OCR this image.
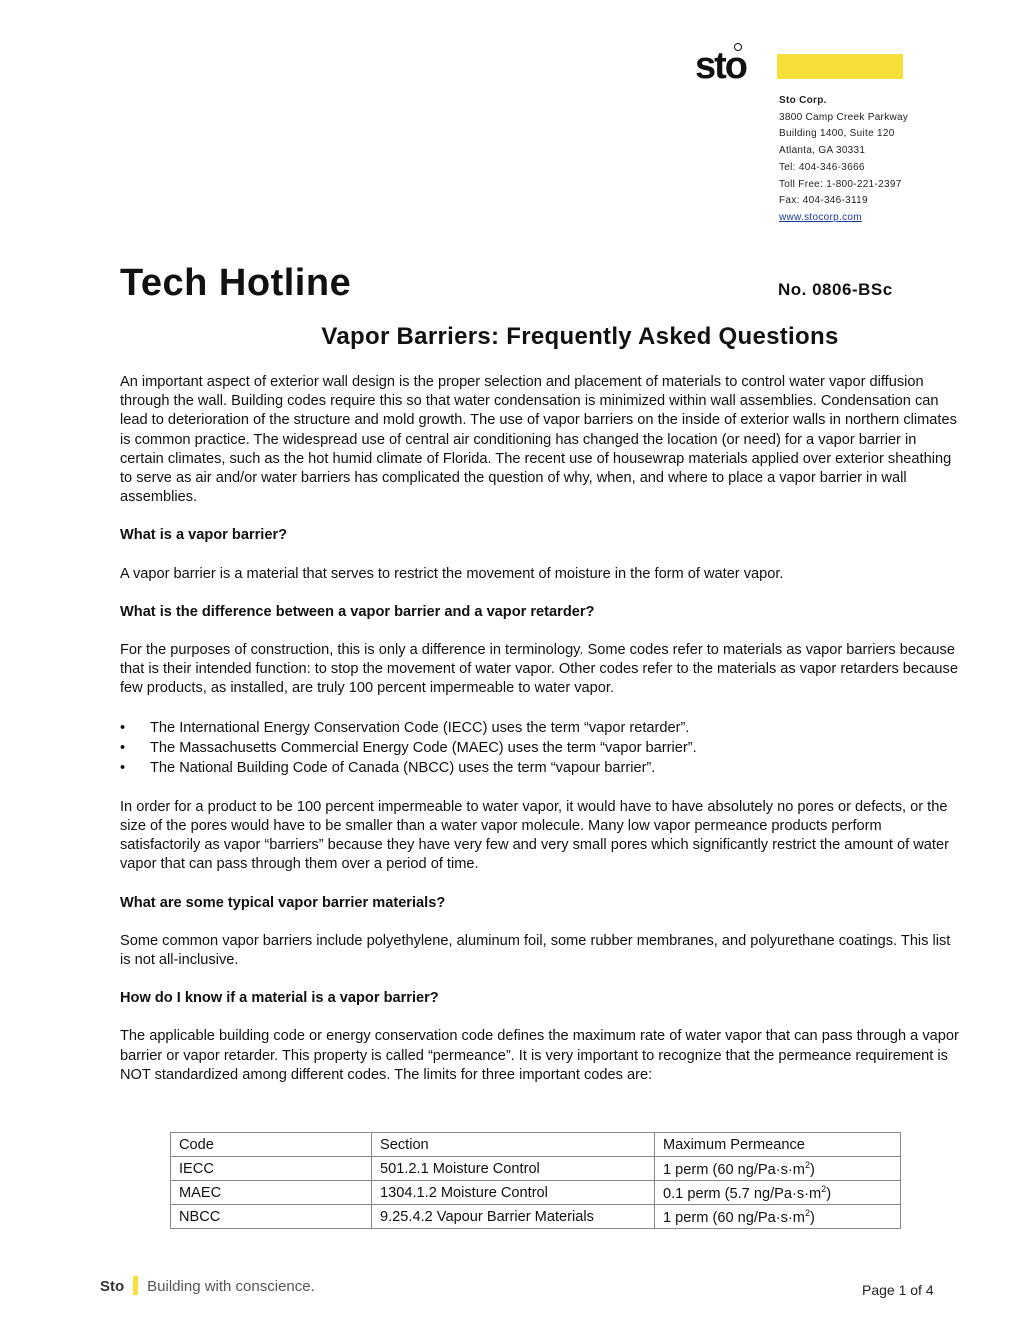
sto
Sto Corp.
3800 Camp Creek Parkway
Building 1400, Suite 120
Atlanta, GA 30331
Tel: 404-346-3666
Toll Free: 1-800-221-2397
Fax: 404-346-3119
www.stocorp.com
Tech Hotline	No. 0806-BSc
Vapor Barriers: Frequently Asked Questions

An important aspect of exterior wall design is the proper selection and placement of materials to control water vapor diffusion through the wall. Building codes require this so that water condensation is minimized within wall assemblies. Condensation can lead to deterioration of the structure and mold growth. The use of vapor barriers on the inside of exterior walls in northern climates is common practice. The widespread use of central air conditioning has changed the location (or need) for a vapor barrier in certain climates, such as the hot humid climate of Florida. The recent use of housewrap materials applied over exterior sheathing to serve as air and/or water barriers has complicated the question of why, when, and where to place a vapor barrier in wall assemblies.

What is a vapor barrier?

A vapor barrier is a material that serves to restrict the movement of moisture in the form of water vapor.

What is the difference between a vapor barrier and a vapor retarder?

For the purposes of construction, this is only a difference in terminology. Some codes refer to materials as vapor barriers because that is their intended function: to stop the movement of water vapor. Other codes refer to the materials as vapor retarders because few products, as installed, are truly 100 percent impermeable to water vapor.

• The International Energy Conservation Code (IECC) uses the term “vapor retarder”.
• The Massachusetts Commercial Energy Code (MAEC) uses the term “vapor barrier”.
• The National Building Code of Canada (NBCC) uses the term “vapour barrier”.

In order for a product to be 100 percent impermeable to water vapor, it would have to have absolutely no pores or defects, or the size of the pores would have to be smaller than a water vapor molecule. Many low vapor permeance products perform satisfactorily as vapor “barriers” because they have very few and very small pores which significantly restrict the amount of water vapor that can pass through them over a period of time.

What are some typical vapor barrier materials?

Some common vapor barriers include polyethylene, aluminum foil, some rubber membranes, and polyurethane coatings. This list is not all-inclusive.

How do I know if a material is a vapor barrier?

The applicable building code or energy conservation code defines the maximum rate of water vapor that can pass through a vapor barrier or vapor retarder. This property is called “permeance”. It is very important to recognize that the permeance requirement is NOT standardized among different codes. The limits for three important codes are:

Code	Section	Maximum Permeance
IECC	501.2.1 Moisture Control	1 perm (60 $ng/Pa\cdot s\cdot m^2$)
MAEC	1304.1.2 Moisture Control	0.1 perm (5.7 $ng/Pa\cdot s\cdot m^2$)
NBCC	9.25.4.2 Vapour Barrier Materials	1 perm (60 $ng/Pa\cdot s\cdot m^2$)
Sto Building with conscience.	Page 1 of 4
